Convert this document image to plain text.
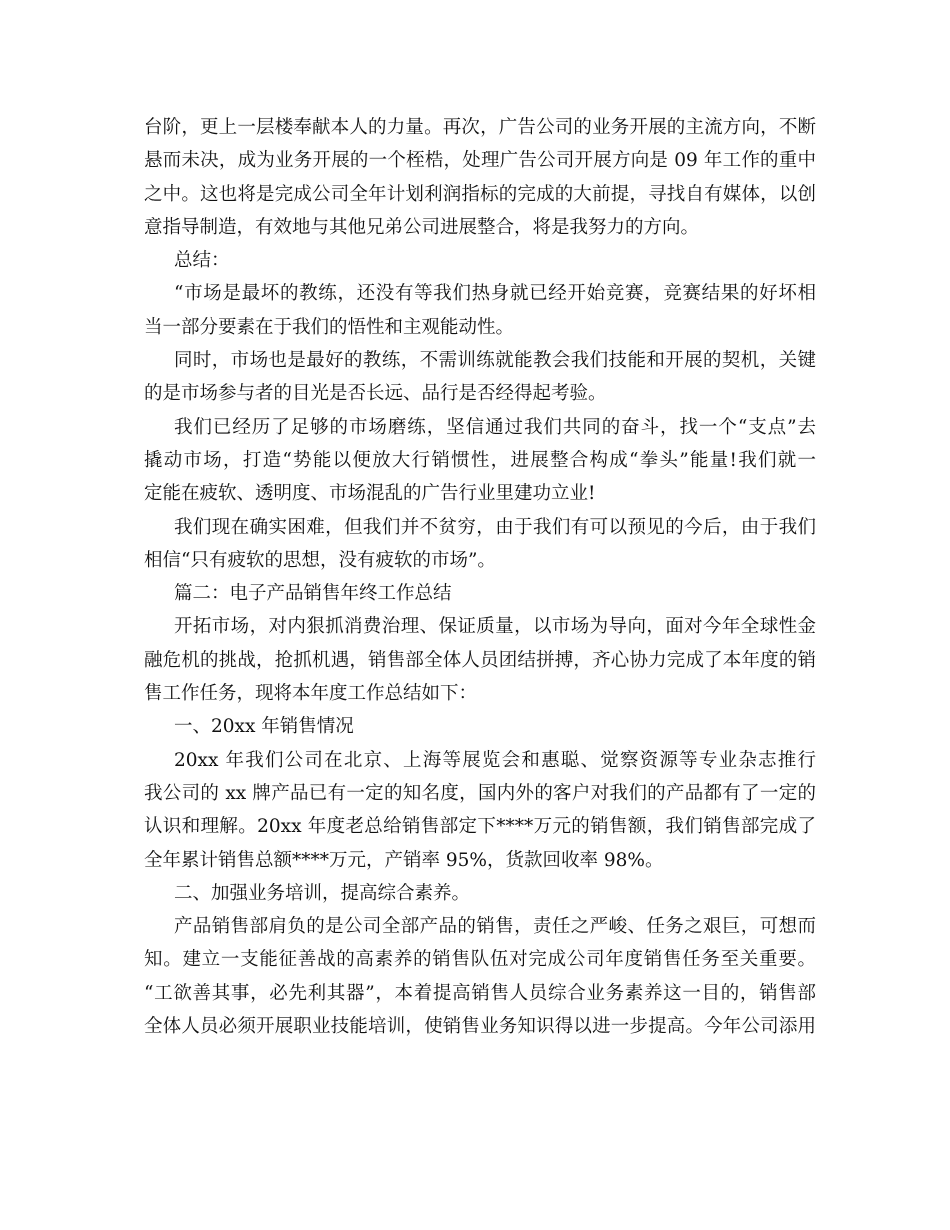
台阶，更上一层楼奉献本人的力量。再次，广告公司的业务开展的主流方向，不断
悬而未决，成为业务开展的一个桎梏，处理广告公司开展方向是 09 年工作的重中
之中。这也将是完成公司全年计划利润指标的完成的大前提，寻找自有媒体，以创
意指导制造，有效地与其他兄弟公司进展整合，将是我努力的方向。
总结：
“市场是最坏的教练，还没有等我们热身就已经开始竞赛，竞赛结果的好坏相
当一部分要素在于我们的悟性和主观能动性。
同时，市场也是最好的教练，不需训练就能教会我们技能和开展的契机，关键
的是市场参与者的目光是否长远、品行是否经得起考验。
我们已经历了足够的市场磨练，坚信通过我们共同的奋斗，找一个“支点”去
撬动市场，打造“势能以便放大行销惯性，进展整合构成“拳头”能量!我们就一
定能在疲软、透明度、市场混乱的广告行业里建功立业!
我们现在确实困难，但我们并不贫穷，由于我们有可以预见的今后，由于我们
相信“只有疲软的思想，没有疲软的市场”。
篇二：电子产品销售年终工作总结
开拓市场，对内狠抓消费治理、保证质量，以市场为导向，面对今年全球性金
融危机的挑战，抢抓机遇，销售部全体人员团结拼搏，齐心协力完成了本年度的销
售工作任务，现将本年度工作总结如下：
一、20xx 年销售情况
20xx 年我们公司在北京、上海等展览会和惠聪、觉察资源等专业杂志推行
我公司的 xx 牌产品已有一定的知名度，国内外的客户对我们的产品都有了一定的
认识和理解。20xx 年度老总给销售部定下****万元的销售额，我们销售部完成了
全年累计销售总额****万元，产销率 95%，货款回收率 98%。
二、加强业务培训，提高综合素养。
产品销售部肩负的是公司全部产品的销售，责任之严峻、任务之艰巨，可想而
知。建立一支能征善战的高素养的销售队伍对完成公司年度销售任务至关重要。
“工欲善其事，必先利其器”，本着提高销售人员综合业务素养这一目的，销售部
全体人员必须开展职业技能培训，使销售业务知识得以进一步提高。今年公司添用
